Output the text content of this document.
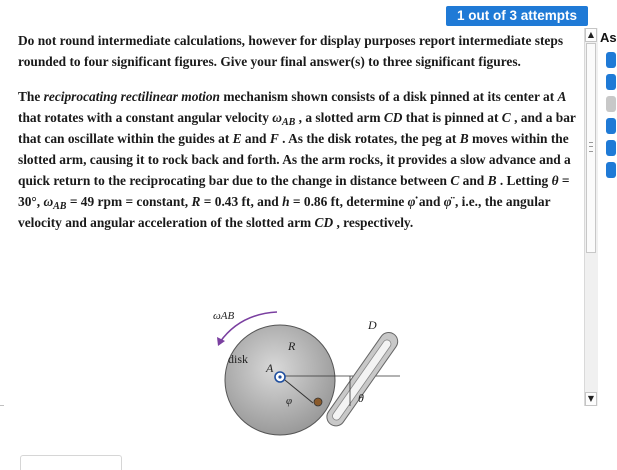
1 out of 3 attempts
As

Do not round intermediate calculations, however for display purposes report intermediate steps rounded to four significant figures. Give your final answer(s) to three significant figures.

The reciprocating rectilinear motion mechanism shown consists of a disk pinned at its center at A that rotates with a constant angular velocity $\omega_{AB}$ , a slotted arm CD that is pinned at C , and a bar that can oscillate within the guides at E and F . As the disk rotates, the peg at B moves within the slotted arm, causing it to rock back and forth. As the arm rocks, it provides a slow advance and a quick return to the reciprocating bar due to the change in distance between C and B . Letting θ = 30°, $\omega_{AB} = 49$ rpm = constant, R = 0.43 ft, and h = 0.86 ft, determine φ̇ and φ̈ , i.e., the angular velocity and angular acceleration of the slotted arm CD , respectively.

ωAB
disk
R
D
A
φ	θ
▲
▼
